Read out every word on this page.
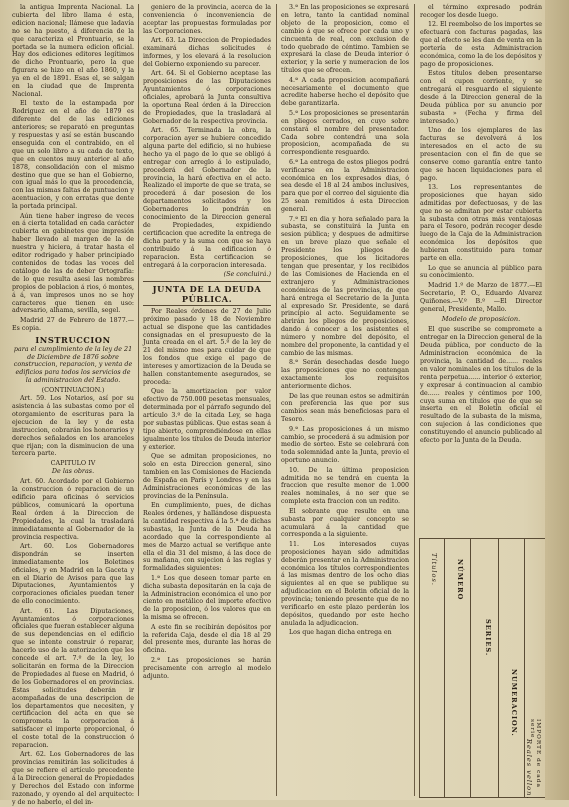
la antigua Imprenta Nacional. La cubierta del libro llama é esta, edicion nacional; llámese que ladavía no se ha puesto, á diferencia de la que caracteriza el Prontuario, se la portada se la numera edicion oficial. Hay dos ediciones editores legítimos de dicho Prontuario, pero la que figurara se hizo en el año 1860, y la ya en el de 1891. Esas el, se salgan en la ciudad que de Imprenta Nacional.

El texto de la estampada por Rodriguez en el año de 1879 es diferente del de las ediciones anteriores; se reparató en preguntas y respuestas y así se están buscando enseguida con el contrabido, en el que un solo libro a su cada de texto, que en cuentos muy anterior al año 1878, consolidación con el mismo destino que que se han el Gobierno, con igual más lo que la procedencia, con las mismas faltas de puntuacion y acentuacion, y con erratas que dente la portada principal.

Aún tiene haber ingreso de veces en á cierta totalidad en cada carácter cubierta en gabinetes que impresión haber llevado al margen de la de nuestra y hiciera, á tratar hasta el editor rodrigado y haber principiado contenidos de todas las voces del catálogo de las de deber Ortografía: de lo que resulta asesi las nombres propios de poblacion á rios, ó montes, á á, van impresos unos no se hoy caracteres que tienen en uso: adversario, alhama, sevilla, segel.

Madrid 27 de Febrero de 1877.— Es copia.

INSTRUCCION
para el cumplimiento de la ley de 21 de Diciembre de 1876 sobre construccion, reparacion, y venta de edificios para todos los servicios de la administracion del Estado.
(CONTINUACION.)

Art. 59. Los Notarios, así por su asistencia á las subastas como por el otorgamiento de escrituras para la ejecucion de la ley y de esta instruccion, cobrarán los honorarios y derechos señalados en los aranceles que rijan; con la disminucion de una tercera parte.

CAPITULO IV
De las obras.

Art. 60. Acordado por el Gobierno la construccion ó reparacion de un edificio para oficinas ó servicios públicos, comunicará la oportuna Real órden á la Direccion de Propiedades, la cual la trasladará inmediatamente al Gobernador de la provincia respectiva.

Art. 60. Los Gobernadores dispondrán se inserten inmediatamente los Boletines oficiales, y en Madrid en la Gaceta y en el Diario de Avisos para que las Diputaciones, Ayuntamientos y corporaciones oficiales puedan tener de ello conocimiento.

Art. 61. Las Diputaciones, Ayuntamientos ó corporaciones oficiales que fueran establecer alguna de sus dependencias en el edificio que se intente construir ó reparar, hacerlo uso de la autorizacion que les concede el art. 7.º de la ley, lo solicitarán en forma de la Direccion de Propiedades al fuese en Madrid, ó de los Gobernadores el en provincias. Estas solicitudes deberán ir acompañadas de una descripcion de los departamentos que necesiten, y certificacion del acta en que se comprometa la corporacion á satisfacer el importe proporcional, ó el coste total de la construccion ó reparacion.

Art. 62. Los Gobernadores de las provincias remitirán las solicitudes á que se refiere el artículo precedente á la Direccion general de Propiedades y Derechos del Estado con informe razonado, y oyendo al del arquitecto: y de no haberlo, el del in-

geniero de la provincia, acerca de la conveniencia ó inconveniencia de aceptar las propuestas formuladas por las Corporaciones.

Art. 63. La Direccion de Propiedades examinará dichas solicitudes é informes, y los elevará á la resolucion del Gobierno exponiendo su parecer.

Art. 64. Si el Gobierno aceptase las proposiciones de las Diputaciones Ayuntamientos ó corporaciones oficiales, aprobará la Junta consultiva la oportuna Real órden á la Direccion de Propiedades, que la trasladará al Gobernador de la respectiva provincia.

Art. 65. Terminada la obra, la corporacion ayer se hubiere concedido alguna parte del edificio, si no hubiese hecho ya el pago de lo que se obligó á entregar con arreglo á lo estipulado, procederá del Gobernador de la provincia, la hará efectiva en el acto. Realizado el importe de que se trata, se procederá á dar posesion de los departamentos solicitados y los Gobernadores lo pondrán en conocimiento de la Direccion general de Propiedades, expidiendo certificacion que acredite la entrega de dicha parte y la suma con que se haya contribuido á la edificacion ó reparacion. Esta certificacion se entregará á la corporacion interesada.

(Se concluirá.)
JUNTA DE LA DEUDA PÚBLICA.

Por Reales órdenes de 27 de Julio próximo pasado y 18 de Noviembre actual se dispone que las cantidades consignadas en el presupuesto de la Junta creada en el art. 5.º de la ley de 21 del mismo mes para cuidar de que los fondos que exige el pago de intereses y amortizacion de la Deuda se hallen constantemente asegurados, se proceda:

Que la amortizacion por valor efectivo de 750.000 pesetas mensuales, determinada por el párrafo segundo del artículo 3.º de la citada Ley, se haga por subastas públicas. Que estas sean á tipo abierto, comprendiéndose en ellas igualmente los títulos de Deuda interior y exterior.

Que se admitan proposiciones, no solo en esta Direccion general, sino tambien en las Comisiones de Hacienda de España en París y Londres y en las Administraciones económicas de las provincias de la Península.

En cumplimiento, pues, de dichas Reales órdenes, y hallándose dispuesta la cantidad respectiva á la 5.ª de dichas subastas, la Junta de la Deuda ha acordado que la correspondiente al mes de Marzo actual se verifique ante ella el dia 31 del mismo, á las doce de su mañana, con sujecion á las reglas y formalidades siguientes:

1.ª Los que deseen tomar parte en dicha subasta depositarán en la caja de la Administracion económica el uno por ciento en metálico del importe efectivo de la proposicion, ó los valores que en la misma se ofrecen.

A este fin se recibirán depósitos por la referida Caja, desde el dia 18 al 29 del presente mes, durante las horas de oficina.

2.ª Las proposiciones se harán precisamente con arreglo al modelo adjunto.

3.ª En las proposiciones se expresará en letra, tanto la cantidad nominal objeto de la proposicion, como el cambio á que se ofrece por cada uno y cincuenta de real, con exclusion de todo quebrado de céntimo. Tambien se expresará la clase de Deuda interior ó exterior, y la serie y numeracion de los títulos que se ofrecen.

4.ª A cada proposicion acompañará necesariamente el documento que acredite haberse hecho el depósito que debe garantizarla.

5.ª Los proposiciones se presentarán en pliegos cerrados, en cuyo sobre constará el nombre del presentador. Cada sobre contendrá una sola proposicion, acompañada de su correspondiente resguardo.

6.ª La entrega de estos pliegos podrá verificarse en la Administracion económica en los expresados dias, ó sea desde el 18 al 24 ambos inclusives, para que por el correo del siguiente dia 25 sean remitidos á esta Direccion general.

7.ª El en dia y hora señalado para la subasta, se constituirá la Junta en sesion pública; y despues de admitirse en un breve plazo que señale el Presidente los pliegos de proposiciones, que los licitadores tengan que presentar, y los recibidos de las Comisiones de Hacienda en el extranjero y Administraciones económicas de las provincias, de que hará entrega el Secretario de la Junta al expresado Sr. Presidente, se dará principio al acto. Seguidamente se abrirán los pliegos de proposiciones, dando á conocer a los asistentes el número y nombre del depósito, el nombre del proponente, la cantidad y el cambio de las mismas.

8.ª Serán desechadas desde luego las proposiciones que no contengan exactamente los requisitos anteriormente dichos.

De las que reunan estos se admitirán con preferencia las que por sus cambios sean más beneficiosas para el Tesoro.

9.ª Las proposiciones á un mismo cambio, se procederá á su admision por medio de sorteo. Este se celebrará con toda solemnidad ante la Junta, previo el oportuno anuncio.

10. De la última proposicion admitida no se tendrá en cuenta la fraccion que resulte menor de 1.000 reales nominales, á no ser que se complete esta fraccion con un redito.

El sobrante que resulte en una subasta por cualquier concepto se acumulará á la cantidad que corresponda a la siguiente.

11. Los interesados cuyas proposiciones hayan sido admitidas deberán presentar en la Administracion económica los títulos correspondientes á las mismas dentro de los ocho dias siguientes al en que se publique su adjudicacion en el Boletin oficial de la provincia; teniendo presente que de no verificarlo en este plazo perderán los depósitos, quedando por este hecho anulada la adjudicacion.

Los que hagan dicha entrega en

el término expresado podrán recoger los desde luego.

12. El reembolso de los importes se efectuará con facturas pagadas, las que al efecto se les dan de venta en la portería de esta Administracion económica, como la de los depósitos y pago de proposiciones.

Estos títulos deben presentarse con el cupon corriente, y se entregará el resguardo el siguiente desde á la Direccion general de la Deuda pública por su anuncio por subasta » (Fecha y firma del interesado.)

Uno de los ejemplares de las facturas se devolverá á los interesados en el acto de su presentacion con el fin de que se conserve como garantía entre tanto que se hacen liquidaciones para el pago.

13. Los representantes de proposiciones que hayan sido admitidas por defectuosas, y de las que no se admitan por estar cubierta la subasta con otras más ventajosas para el Tesoro, podrán recoger desde luego de la Caja de la Administracion económica los depósitos que hubieran constituido para tomar parte en ella.

Lo que se anuncia al público para su conocimiento.

Madrid 1.º de Marzo de 1877.—El Secretario, P. O., Eduardo Alvarez Quiñones.—V.º B.º —El Director general, Presidente, Mallo.

Modelo de proposicion.

El que suscribe se compromete a entregar en la Direccion general de la Deuda pública, por conducto de la Administracion económica de la provincia, la cantidad de...... reales en valor nominales en los títulos de la renta perpetua...... interior ó exterior, y expresar á continuacion al cambio de...... reales y céntimos por 100, cuya suma en títulos que de que se inserta en el Boletín oficial el resultado de la subasta de la misma, con sujecion á las condiciones que constituyendo el anuncio publicado al efecto por la Junta de la Deuda.

Títulos.	NÚMERO
SERIES.
NUMERACION.
IMPORTE de cada serie.
Reales vellon.
